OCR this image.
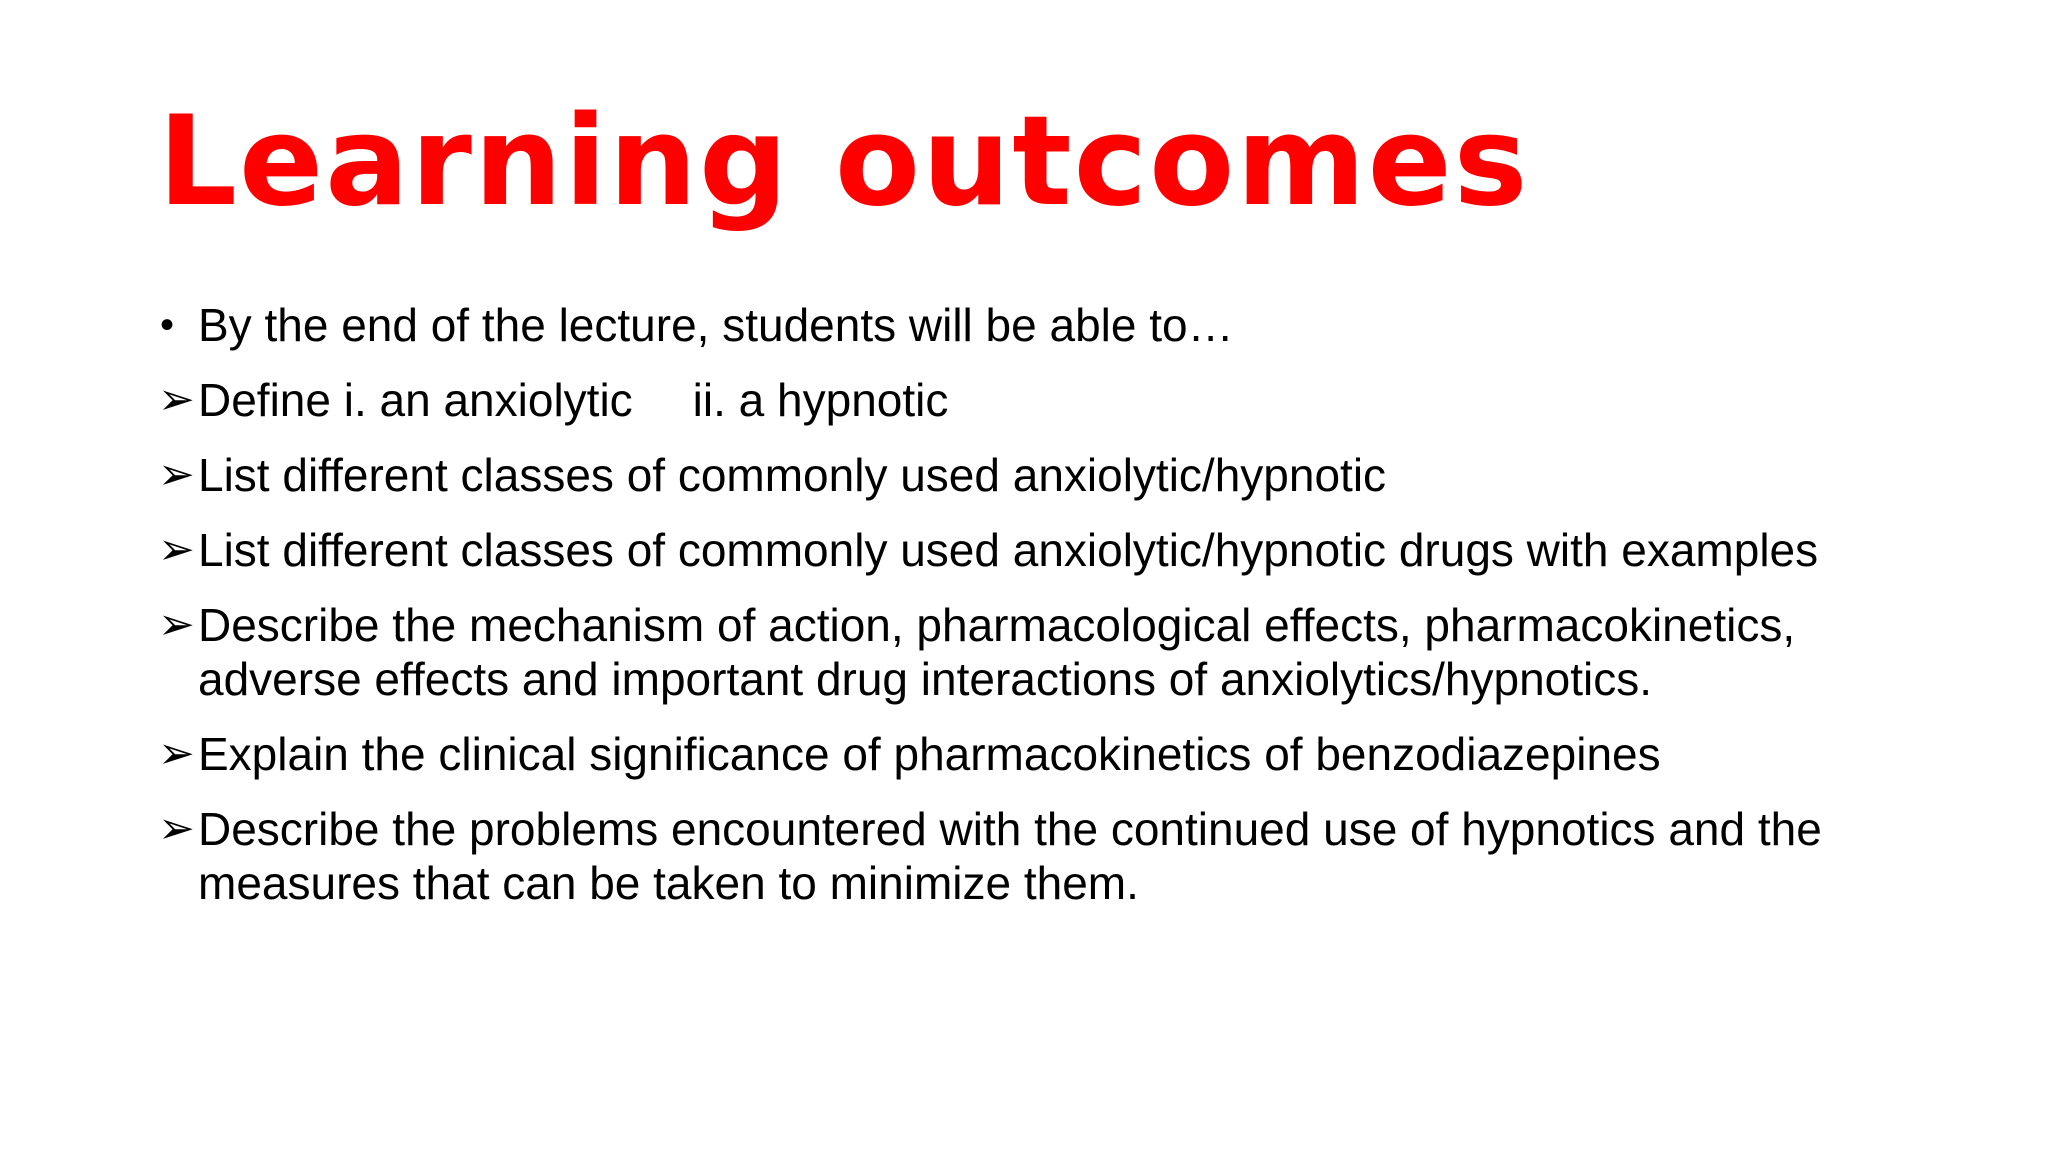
Learning outcomes
• By the end of the lecture, students will be able to…
➢ Define i. an anxiolytic ii. a hypnotic
➢ List different classes of commonly used anxiolytic/hypnotic
➢ List different classes of commonly used anxiolytic/hypnotic drugs with examples
➢ Describe the mechanism of action, pharmacological effects, pharmacokinetics, adverse effects and important drug interactions of anxiolytics/hypnotics.
➢ Explain the clinical significance of pharmacokinetics of benzodiazepines
➢ Describe the problems encountered with the continued use of hypnotics and the measures that can be taken to minimize them.
